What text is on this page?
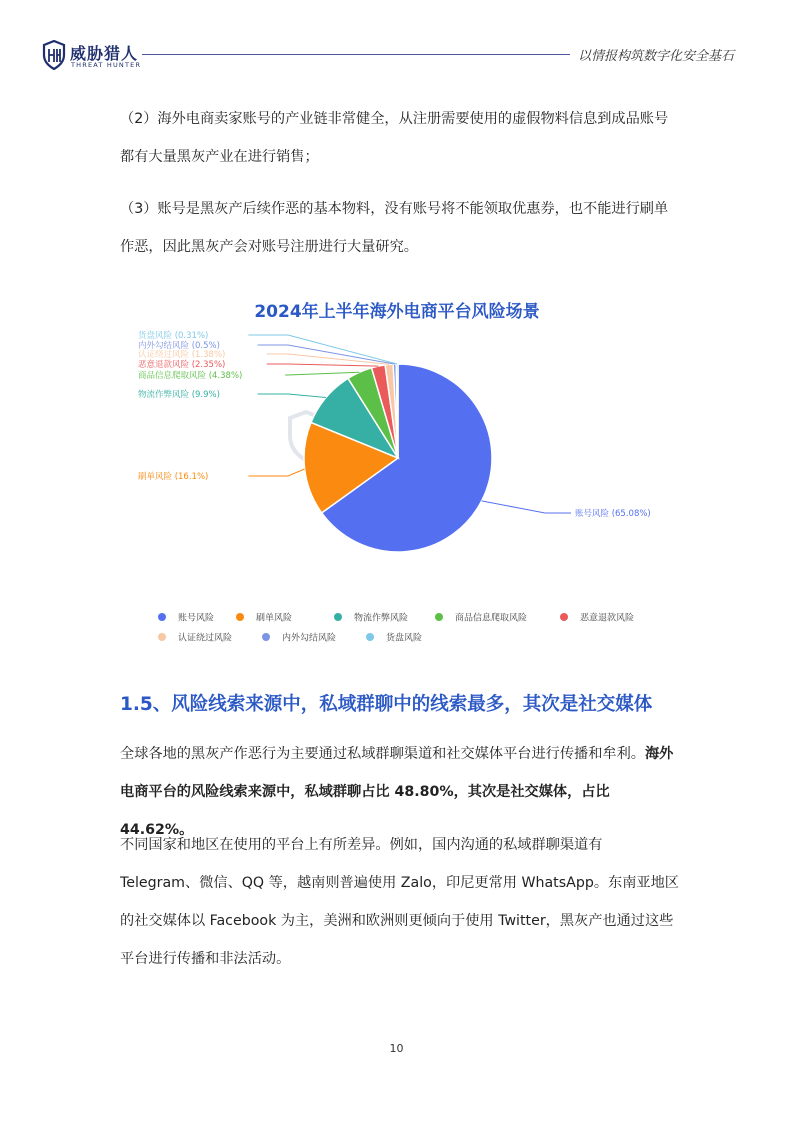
威胁猎人
THREAT HUNTER
以情报构筑数字化安全基石

（2）海外电商卖家账号的产业链非常健全，从注册需要使用的虚假物料信息到成品账号都有大量黑灰产业在进行销售；

（3）账号是黑灰产后续作恶的基本物料，没有账号将不能领取优惠券，也不能进行刷单作恶，因此黑灰产会对账号注册进行大量研究。

2024年上半年海外电商平台风险场景
账号风险 (65.08%)
刷单风险 (16.1%)
物流作弊风险 (9.9%)
商品信息爬取风险 (4.38%)
恶意退款风险 (2.35%)
认证绕过风险 (1.38%)
内外勾结风险 (0.5%)
货盘风险 (0.31%)
账号风险	刷单风险	物流作弊风险	商品信息爬取风险	恶意退款风险
认证绕过风险	内外勾结风险	货盘风险
1.5、风险线索来源中，私域群聊中的线索最多，其次是社交媒体

全球各地的黑灰产作恶行为主要通过私域群聊渠道和社交媒体平台进行传播和牟利。海外电商平台的风险线索来源中，私域群聊占比 48.80%，其次是社交媒体，占比 44.62%。

不同国家和地区在使用的平台上有所差异。例如，国内沟通的私域群聊渠道有 Telegram、微信、QQ 等，越南则普遍使用 Zalo，印尼更常用 WhatsApp。东南亚地区的社交媒体以 Facebook 为主，美洲和欧洲则更倾向于使用 Twitter，黑灰产也通过这些平台进行传播和非法活动。

10
